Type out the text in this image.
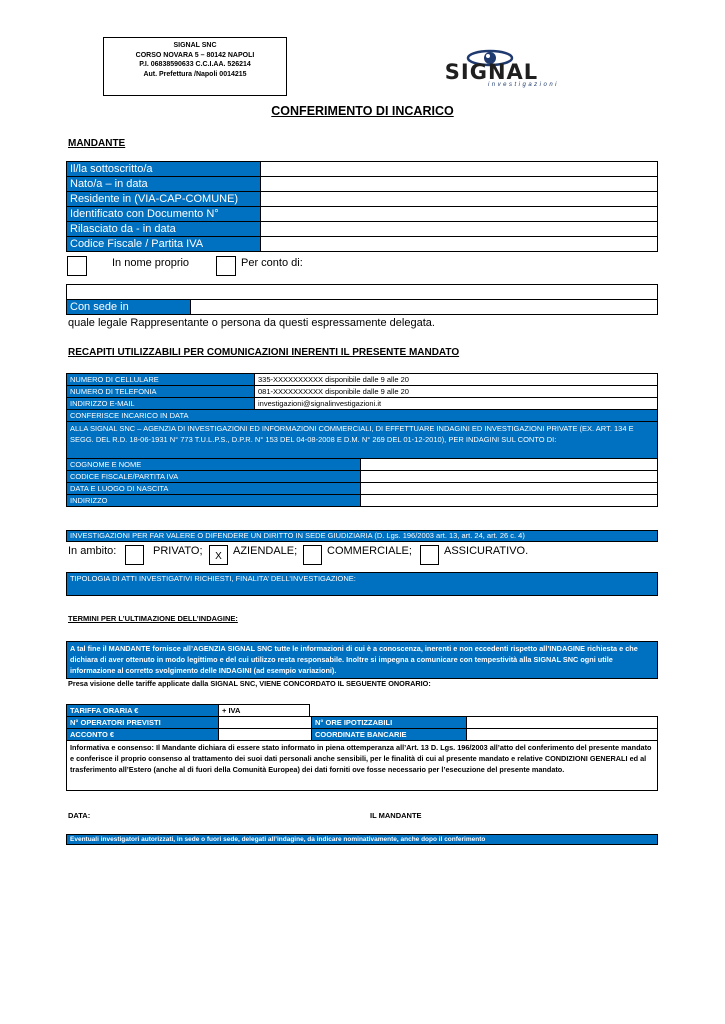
SIGNAL SNC
CORSO NOVARA 5 – 80142 NAPOLI
P.I. 06838590633 C.C.I.AA. 526214
Aut. Prefettura /Napoli 0014215	SIGNAL
investigazioni
CONFERIMENTO DI INCARICO
MANDANTE
Il/la sottoscritto/a
Nato/a – in data
Residente in (VIA-CAP-COMUNE)
Identificato con Documento N°
Rilasciato da - in data
Codice Fiscale / Partita IVA
In nome proprio	Per conto di:
Con sede in
quale legale Rappresentante o persona da questi espressamente delegata.
RECAPITI UTILIZZABILI PER COMUNICAZIONI INERENTI IL PRESENTE MANDATO
NUMERO DI CELLULARE	335-XXXXXXXXXX disponibile dalle 9 alle 20
NUMERO DI TELEFONIA	081-XXXXXXXXXX disponibile dalle 9 alle 20
INDIRIZZO E-MAIL	investigazioni@signalinvestigazioni.it
CONFERISCE INCARICO IN DATA
ALLA SIGNAL SNC – AGENZIA DI INVESTIGAZIONI ED INFORMAZIONI COMMERCIALI, DI EFFETTUARE INDAGINI ED INVESTIGAZIONI PRIVATE (EX. ART. 134 E SEGG. DEL R.D. 18-06-1931 N° 773 T.U.L.P.S., D.P.R. N° 153 DEL 04-08-2008 E D.M. N° 269 DEL 01-12-2010), PER INDAGINI SUL CONTO DI:
COGNOME E NOME
CODICE FISCALE/PARTITA IVA
DATA E LUOGO DI NASCITA
INDIRIZZO
INVESTIGAZIONI PER FAR VALERE O DIFENDERE UN DIRITTO IN SEDE GIUDIZIARIA (D. Lgs. 196/2003 art. 13, art. 24, art. 26 c. 4)
In ambito:	PRIVATO;	X	AZIENDALE;	COMMERCIALE;	ASSICURATIVO.
TIPOLOGIA DI ATTI INVESTIGATIVI RICHIESTI, FINALITA’ DELL’INVESTIGAZIONE:
TERMINI PER L’ULTIMAZIONE DELL’INDAGINE:
A tal fine il MANDANTE fornisce all’AGENZIA SIGNAL SNC tutte le informazioni di cui è a conoscenza, inerenti e non eccedenti rispetto all’INDAGINE richiesta e che dichiara di aver ottenuto in modo legittimo e del cui utilizzo resta responsabile. Inoltre si impegna a comunicare con tempestività alla SIGNAL SNC ogni utile informazione al corretto svolgimento delle INDAGINI (ad esempio variazioni).
Presa visione delle tariffe applicate dalla SIGNAL SNC, VIENE CONCORDATO IL SEGUENTE ONORARIO:
TARIFFA ORARIA €	+ IVA
N° OPERATORI PREVISTI	N° ORE IPOTIZZABILI
ACCONTO €	COORDINATE BANCARIE
Informativa e consenso: Il Mandante dichiara di essere stato informato in piena ottemperanza all’Art. 13 D. Lgs. 196/2003 all’atto del conferimento del presente mandato e conferisce il proprio consenso al trattamento dei suoi dati personali anche sensibili, per le finalità di cui al presente mandato e relative CONDIZIONI GENERALI ed al trasferimento all’Estero (anche al di fuori della Comunità Europea) dei dati forniti ove fosse necessario per l’esecuzione del presente mandato.
DATA:	IL MANDANTE
Eventuali investigatori autorizzati, in sede o fuori sede, delegati all’indagine, da indicare nominativamente, anche dopo il conferimento
